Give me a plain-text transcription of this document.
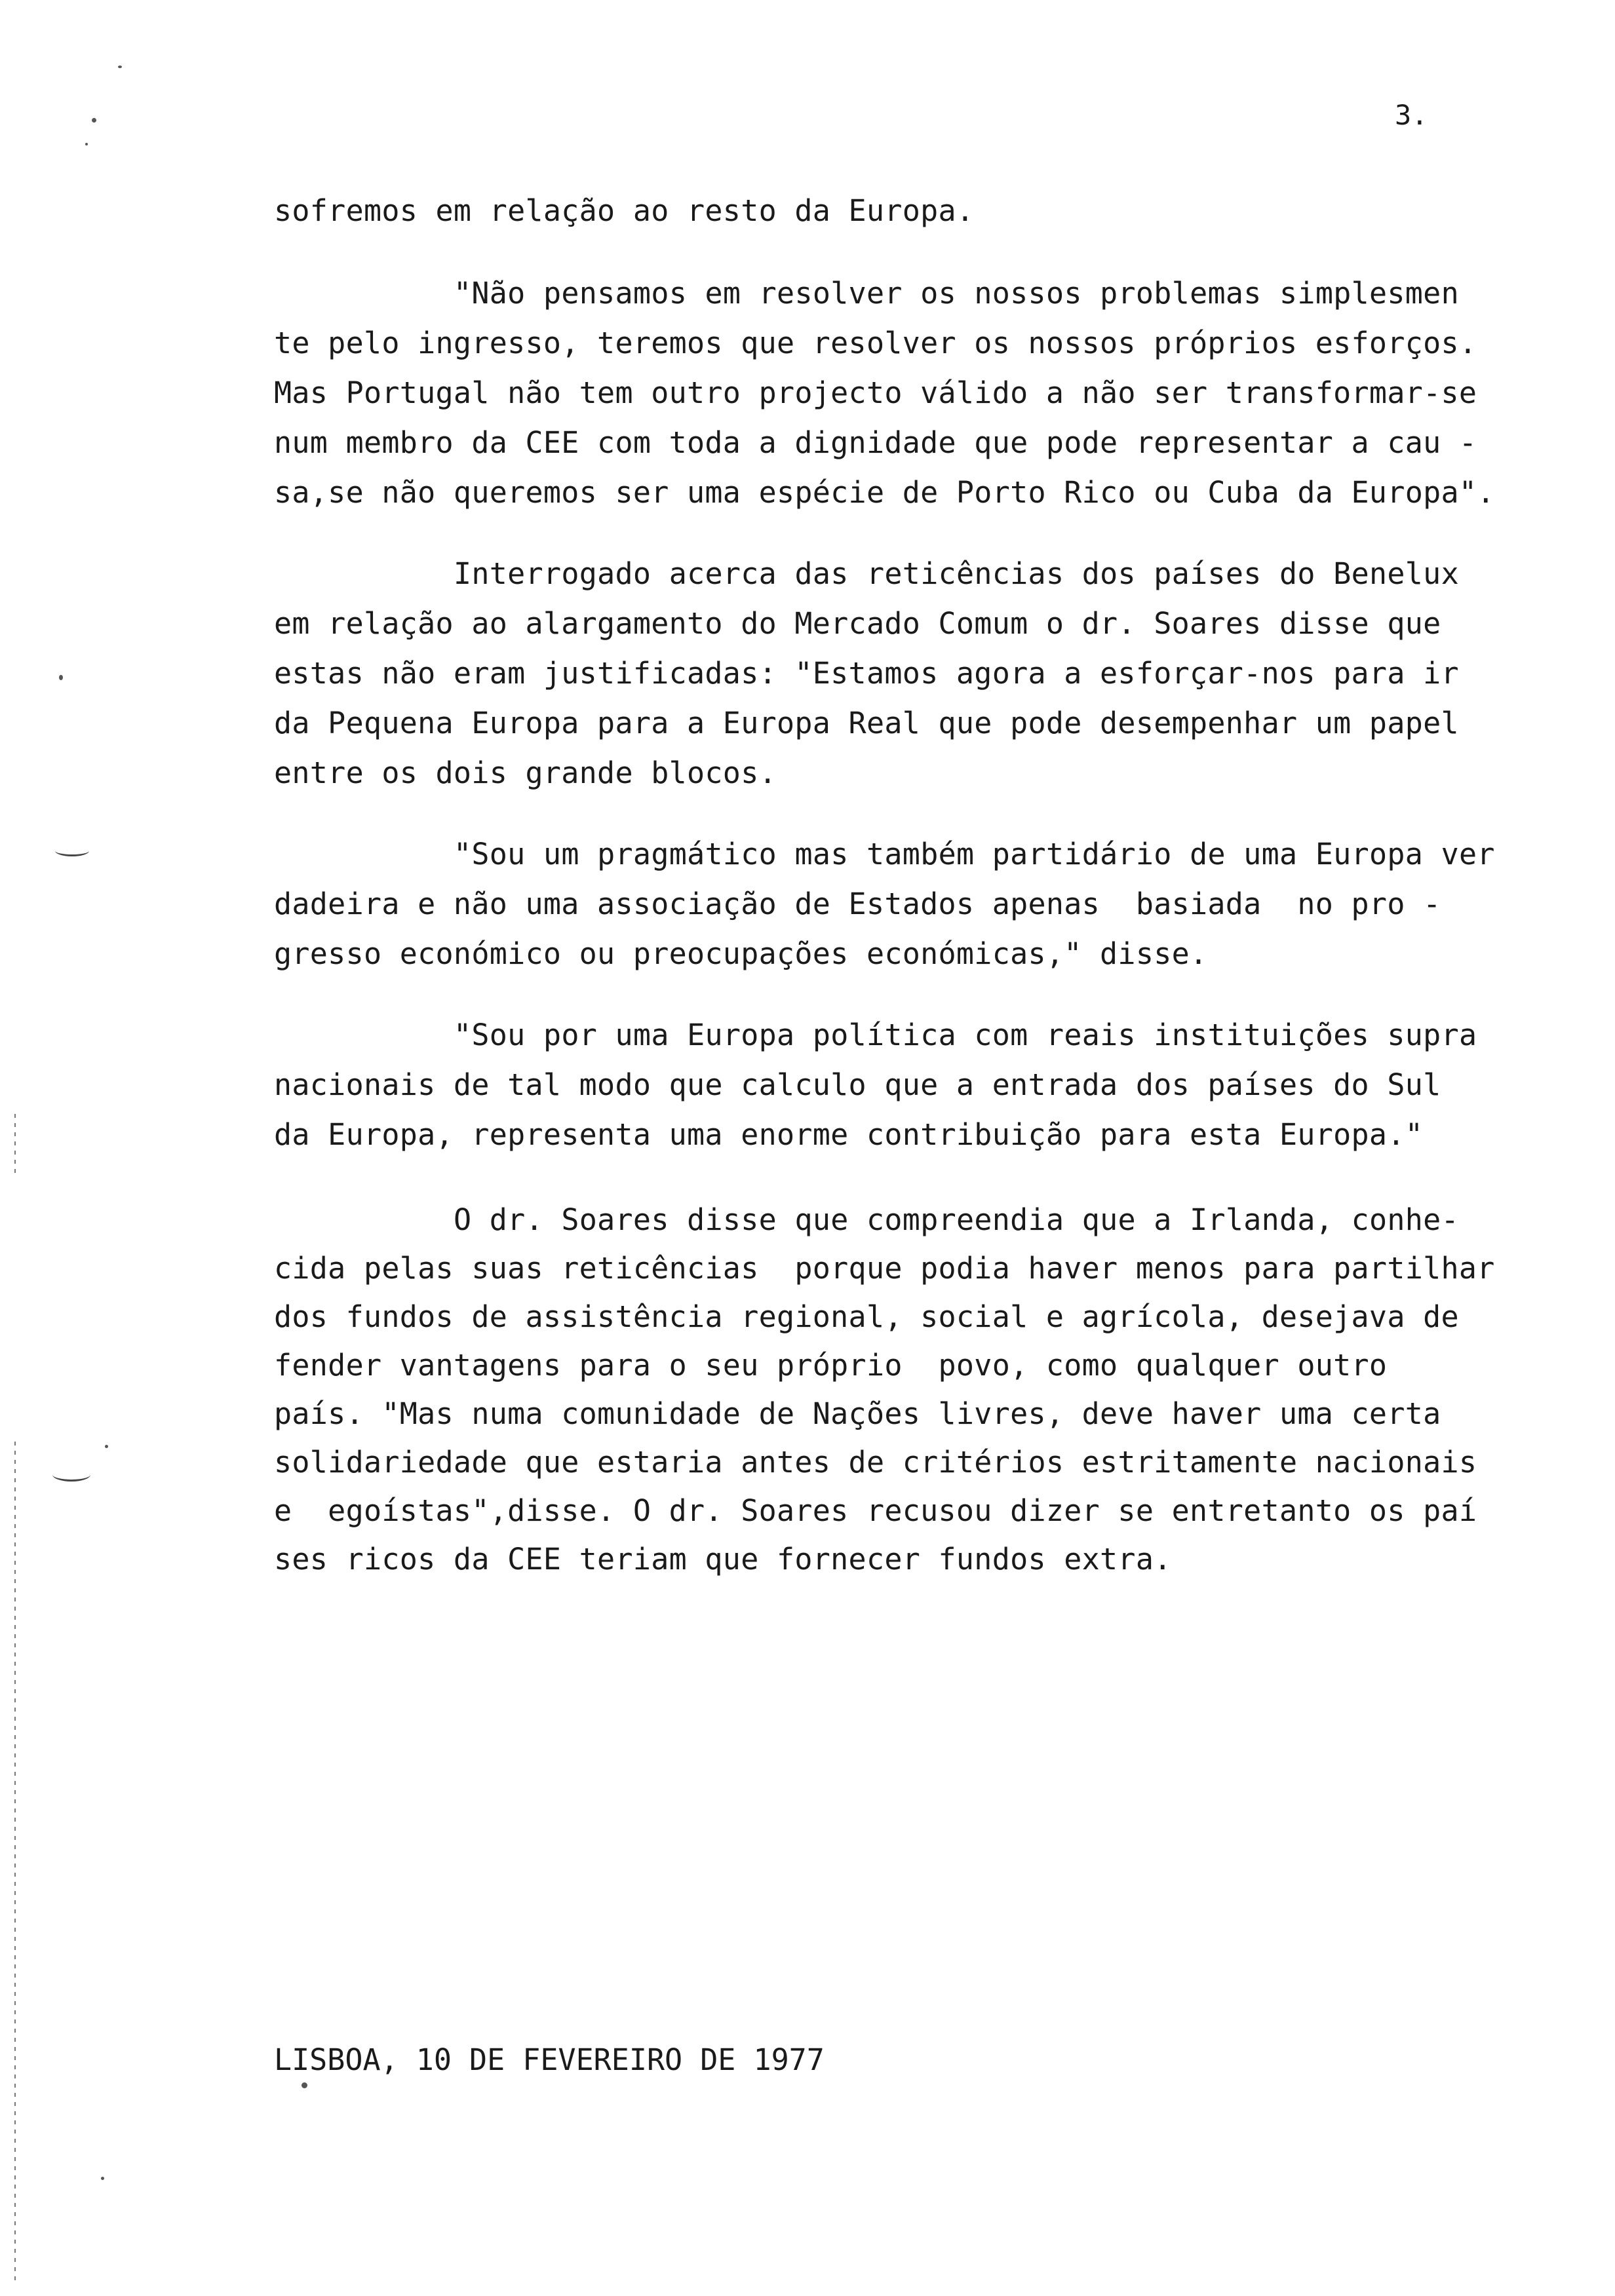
3.
sofremos em relação ao resto da Europa.
"Não pensamos em resolver os nossos problemas simplesmen
te pelo ingresso, teremos que resolver os nossos próprios esforços.
Mas Portugal não tem outro projecto válido a não ser transformar-se
num membro da CEE com toda a dignidade que pode representar a cau -
sa,se não queremos ser uma espécie de Porto Rico ou Cuba da Europa".
Interrogado acerca das reticências dos países do Benelux
em relação ao alargamento do Mercado Comum o dr. Soares disse que
estas não eram justificadas: "Estamos agora a esforçar-nos para ir
da Pequena Europa para a Europa Real que pode desempenhar um papel
entre os dois grande blocos.
"Sou um pragmático mas também partidário de uma Europa ver
dadeira e não uma associação de Estados apenas  basiada  no pro -
gresso económico ou preocupações económicas," disse.
"Sou por uma Europa política com reais instituições supra
nacionais de tal modo que calculo que a entrada dos países do Sul
da Europa, representa uma enorme contribuição para esta Europa."
O dr. Soares disse que compreendia que a Irlanda, conhe-
cida pelas suas reticências  porque podia haver menos para partilhar
dos fundos de assistência regional, social e agrícola, desejava de
fender vantagens para o seu próprio  povo, como qualquer outro
país. "Mas numa comunidade de Nações livres, deve haver uma certa
solidariedade que estaria antes de critérios estritamente nacionais
e  egoístas",disse. O dr. Soares recusou dizer se entretanto os paí
ses ricos da CEE teriam que fornecer fundos extra.
LISBOA, 10 DE FEVEREIRO DE 1977
